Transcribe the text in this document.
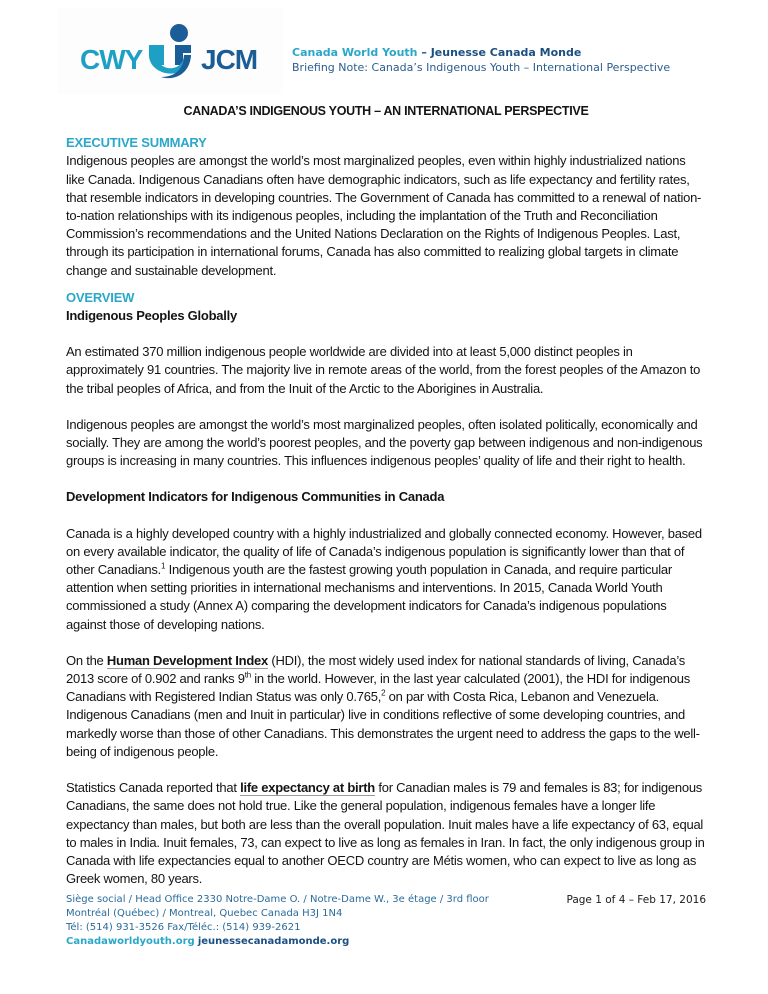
CWY JCM	Canada World Youth – Jeunesse Canada Monde
Briefing Note: Canada’s Indigenous Youth – International Perspective
CANADA’S INDIGENOUS YOUTH – AN INTERNATIONAL PERSPECTIVE
EXECUTIVE SUMMARY

Indigenous peoples are amongst the world’s most marginalized peoples, even within highly industrialized nations like Canada. Indigenous Canadians often have demographic indicators, such as life expectancy and fertility rates, that resemble indicators in developing countries. The Government of Canada has committed to a renewal of nation-to-nation relationships with its indigenous peoples, including the implantation of the Truth and Reconciliation Commission’s recommendations and the United Nations Declaration on the Rights of Indigenous Peoples. Last, through its participation in international forums, Canada has also committed to realizing global targets in climate change and sustainable development.

OVERVIEW
Indigenous Peoples Globally

An estimated 370 million indigenous people worldwide are divided into at least 5,000 distinct peoples in approximately 91 countries. The majority live in remote areas of the world, from the forest peoples of the Amazon to the tribal peoples of Africa, and from the Inuit of the Arctic to the Aborigines in Australia.

Indigenous peoples are amongst the world’s most marginalized peoples, often isolated politically, economically and socially. They are among the world’s poorest peoples, and the poverty gap between indigenous and non-indigenous groups is increasing in many countries. This influences indigenous peoples’ quality of life and their right to health.

Development Indicators for Indigenous Communities in Canada

Canada is a highly developed country with a highly industrialized and globally connected economy. However, based on every available indicator, the quality of life of Canada’s indigenous population is significantly lower than that of other Canadians.$^1$ Indigenous youth are the fastest growing youth population in Canada, and require particular attention when setting priorities in international mechanisms and interventions. In 2015, Canada World Youth commissioned a study (Annex A) comparing the development indicators for Canada’s indigenous populations against those of developing nations.

On the Human Development Index (HDI), the most widely used index for national standards of living, Canada’s 2013 score of 0.902 and ranks 9th in the world. However, in the last year calculated (2001), the HDI for indigenous Canadians with Registered Indian Status was only 0.765,$^2$ on par with Costa Rica, Lebanon and Venezuela. Indigenous Canadians (men and Inuit in particular) live in conditions reflective of some developing countries, and markedly worse than those of other Canadians. This demonstrates the urgent need to address the gaps to the well-being of indigenous people.

Statistics Canada reported that life expectancy at birth for Canadian males is 79 and females is 83; for indigenous Canadians, the same does not hold true. Like the general population, indigenous females have a longer life expectancy than males, but both are less than the overall population. Inuit males have a life expectancy of 63, equal to males in India. Inuit females, 73, can expect to live as long as females in Iran. In fact, the only indigenous group in Canada with life expectancies equal to another OECD country are Métis women, who can expect to live as long as Greek women, 80 years.

Siège social / Head Office 2330 Notre-Dame O. / Notre-Dame W., 3e étage / 3rd floor
Montréal (Québec) / Montreal, Quebec Canada H3J 1N4
Tél: (514) 931-3526 Fax/Téléc.: (514) 939-2621
Canadaworldyouth.org jeunessecanadamonde.org
Page 1 of 4 – Feb 17, 2016
